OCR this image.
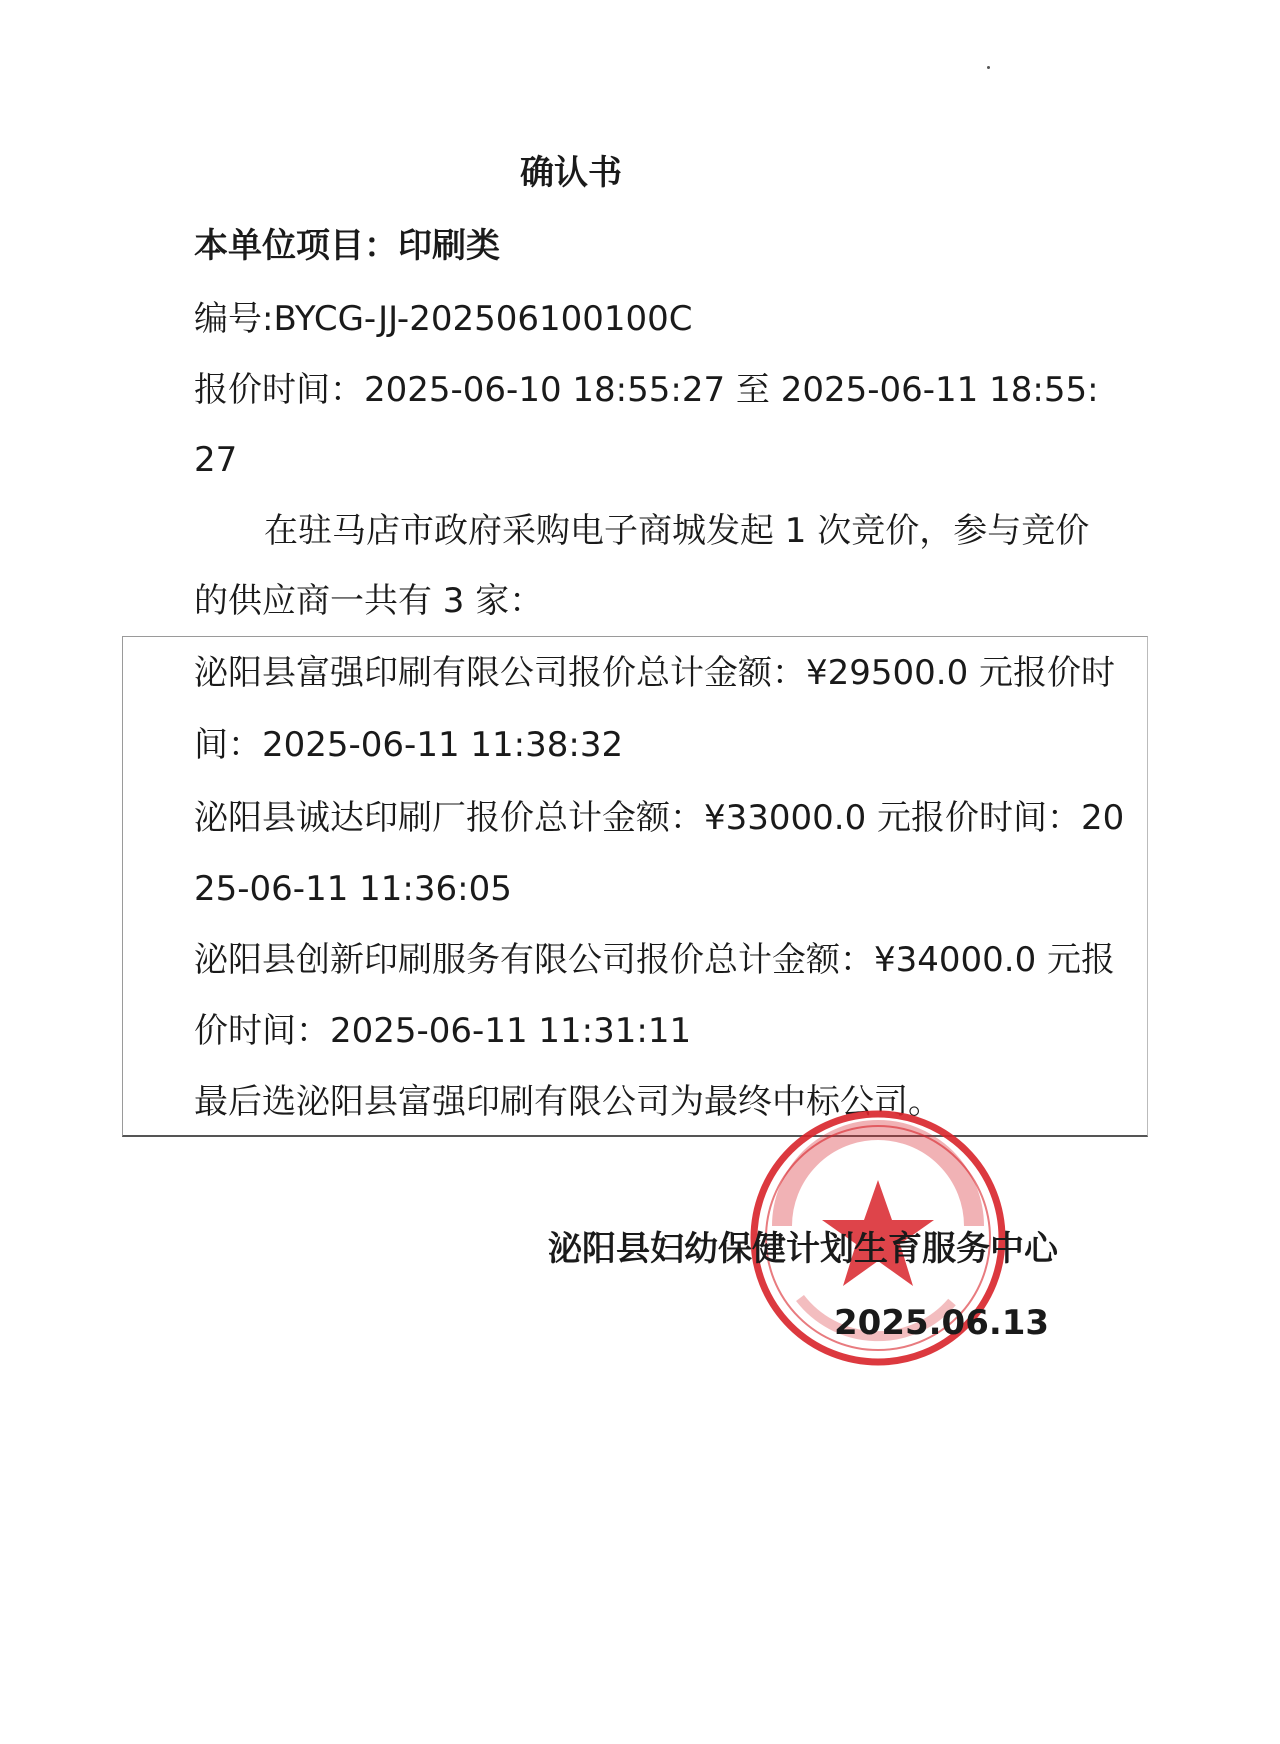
确认书
本单位项目：印刷类
编号:BYCG-JJ-202506100100C
报价时间：2025-06-10 18:55:27 至 2025-06-11 18:55:
27
在驻马店市政府采购电子商城发起 1 次竞价，参与竞价
的供应商一共有 3 家：
泌阳县富强印刷有限公司报价总计金额：¥29500.0 元报价时
间：2025-06-11 11:38:32
泌阳县诚达印刷厂报价总计金额：¥33000.0 元报价时间：20
25-06-11 11:36:05
泌阳县创新印刷服务有限公司报价总计金额：¥34000.0 元报
价时间：2025-06-11 11:31:11
最后选泌阳县富强印刷有限公司为最终中标公司。
泌阳县妇幼保健计划生育服务中心
2025.06.13
